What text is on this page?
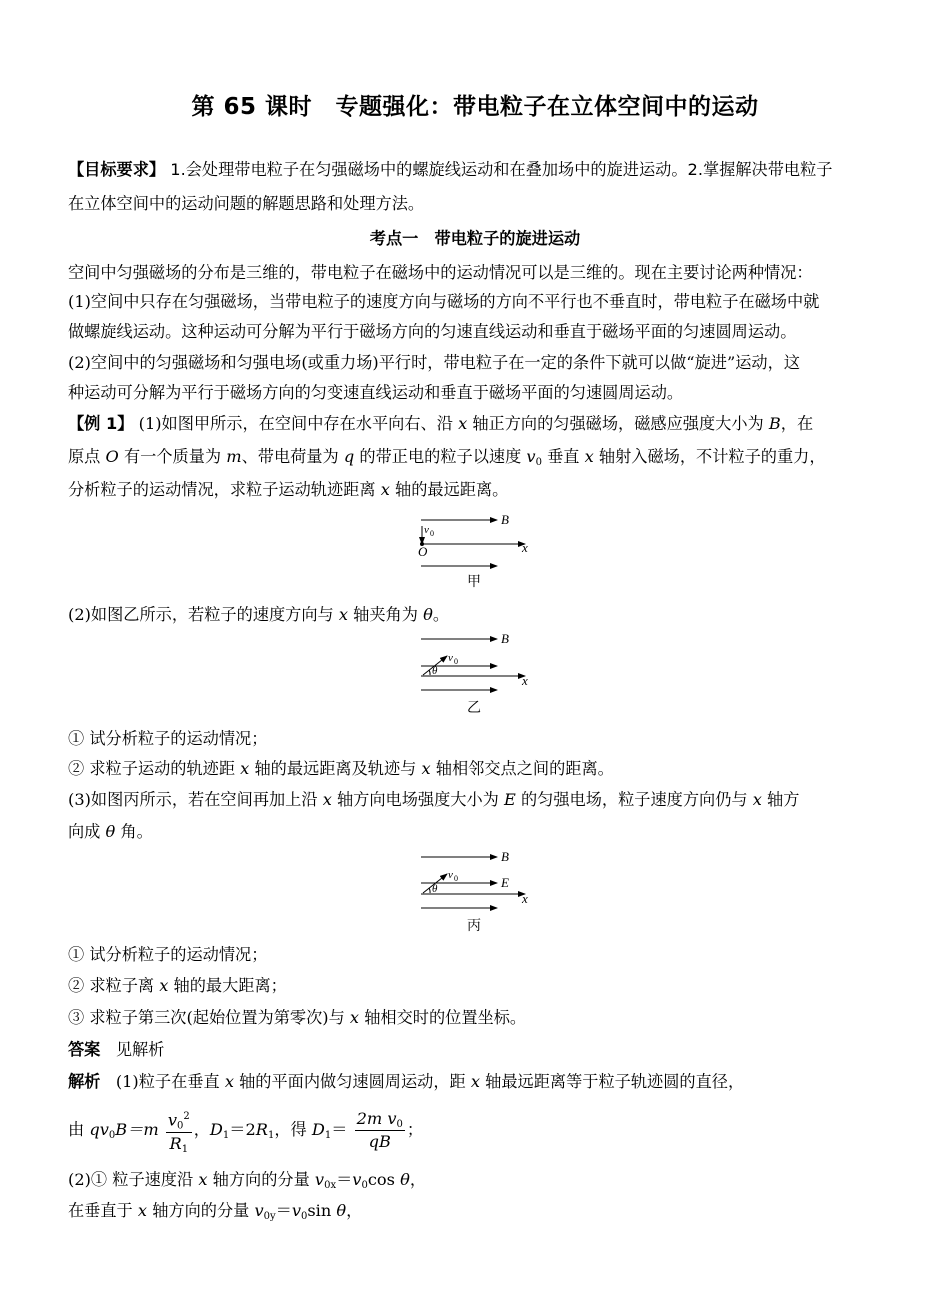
第 65 课时　专题强化：带电粒子在立体空间中的运动
【目标要求】 1.会处理带电粒子在匀强磁场中的螺旋线运动和在叠加场中的旋进运动。2.掌握解决带电粒子
在立体空间中的运动问题的解题思路和处理方法。
考点一　带电粒子的旋进运动
空间中匀强磁场的分布是三维的，带电粒子在磁场中的运动情况可以是三维的。现在主要讨论两种情况：
(1)空间中只存在匀强磁场，当带电粒子的速度方向与磁场的方向不平行也不垂直时，带电粒子在磁场中就
做螺旋线运动。这种运动可分解为平行于磁场方向的匀速直线运动和垂直于磁场平面的匀速圆周运动。
(2)空间中的匀强磁场和匀强电场(或重力场)平行时，带电粒子在一定的条件下就可以做“旋进”运动，这
种运动可分解为平行于磁场方向的匀变速直线运动和垂直于磁场平面的匀速圆周运动。
【例 1】 (1)如图甲所示，在空间中存在水平向右、沿 x 轴正方向的匀强磁场，磁感应强度大小为 B，在
原点 O 有一个质量为 m、带电荷量为 q 的带正电的粒子以速度 $v_0$ 垂直 x 轴射入磁场，不计粒子的重力，
分析粒子的运动情况，求粒子运动轨迹距离 x 轴的最远距离。
B
v 0
O	x
甲
(2)如图乙所示，若粒子的速度方向与 x 轴夹角为 θ。
B
v 0
θ
x
乙
① 试分析粒子的运动情况；
② 求粒子运动的轨迹距 x 轴的最远距离及轨迹与 x 轴相邻交点之间的距离。
(3)如图丙所示，若在空间再加上沿 x 轴方向电场强度大小为 E 的匀强电场，粒子速度方向仍与 x 轴方
向成 θ 角。
B
v 0	E
θ
x
丙
① 试分析粒子的运动情况；
② 求粒子离 x 轴的最大距离；
③ 求粒子第三次(起始位置为第零次)与 x 轴相交时的位置坐标。
答案 见解析
解析 (1)粒子在垂直 x 轴的平面内做匀速圆周运动，距 x 轴最远距离等于粒子轨迹圆的直径，
由 $qv_0B=m \frac{v_0^2}{R_1}$ ，$D_1=2R_1$，得 $D_1= \frac{2m v_0}{qB}$ ；
(2)① 粒子速度沿 x 轴方向的分量 $v_{0x}=v_0\cos$ θ，
在垂直于 x 轴方向的分量 $v_{0y}=v_0\sin$ θ，
